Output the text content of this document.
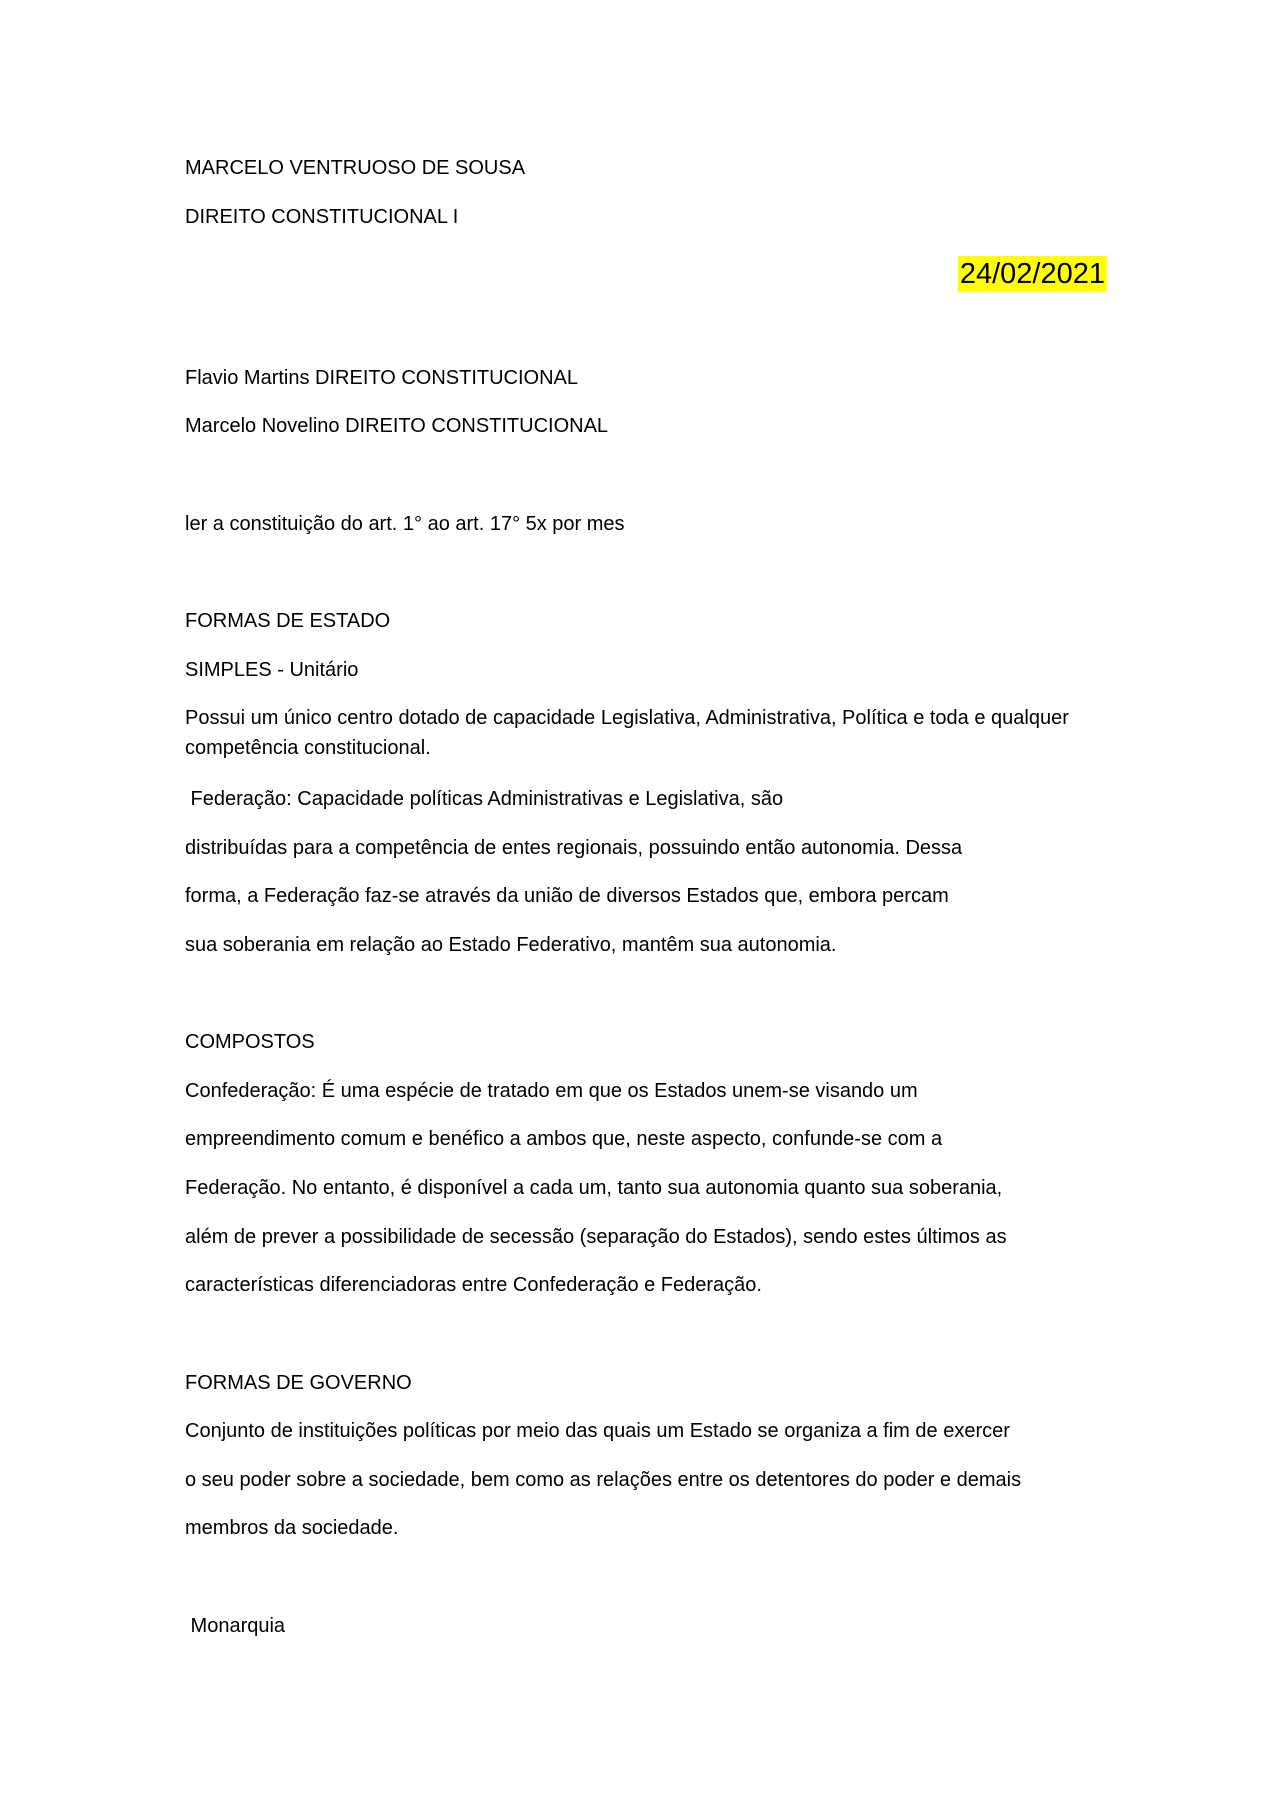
MARCELO VENTRUOSO DE SOUSA
DIREITO CONSTITUCIONAL I
24/02/2021
Flavio Martins DIREITO CONSTITUCIONAL
Marcelo Novelino DIREITO CONSTITUCIONAL
ler a constituição do art. 1° ao art. 17° 5x por mes
FORMAS DE ESTADO
SIMPLES - Unitário
Possui um único centro dotado de capacidade Legislativa, Administrativa, Política e toda e qualquer competência constitucional.
Federação: Capacidade políticas Administrativas e Legislativa, são
distribuídas para a competência de entes regionais, possuindo então autonomia. Dessa
forma, a Federação faz-se através da união de diversos Estados que, embora percam
sua soberania em relação ao Estado Federativo, mantêm sua autonomia.
COMPOSTOS
Confederação: É uma espécie de tratado em que os Estados unem-se visando um
empreendimento comum e benéfico a ambos que, neste aspecto, confunde-se com a
Federação. No entanto, é disponível a cada um, tanto sua autonomia quanto sua soberania,
além de prever a possibilidade de secessão (separação do Estados), sendo estes últimos as
características diferenciadoras entre Confederação e Federação.
FORMAS DE GOVERNO
Conjunto de instituições políticas por meio das quais um Estado se organiza a fim de exercer
o seu poder sobre a sociedade, bem como as relações entre os detentores do poder e demais
membros da sociedade.
Monarquia
